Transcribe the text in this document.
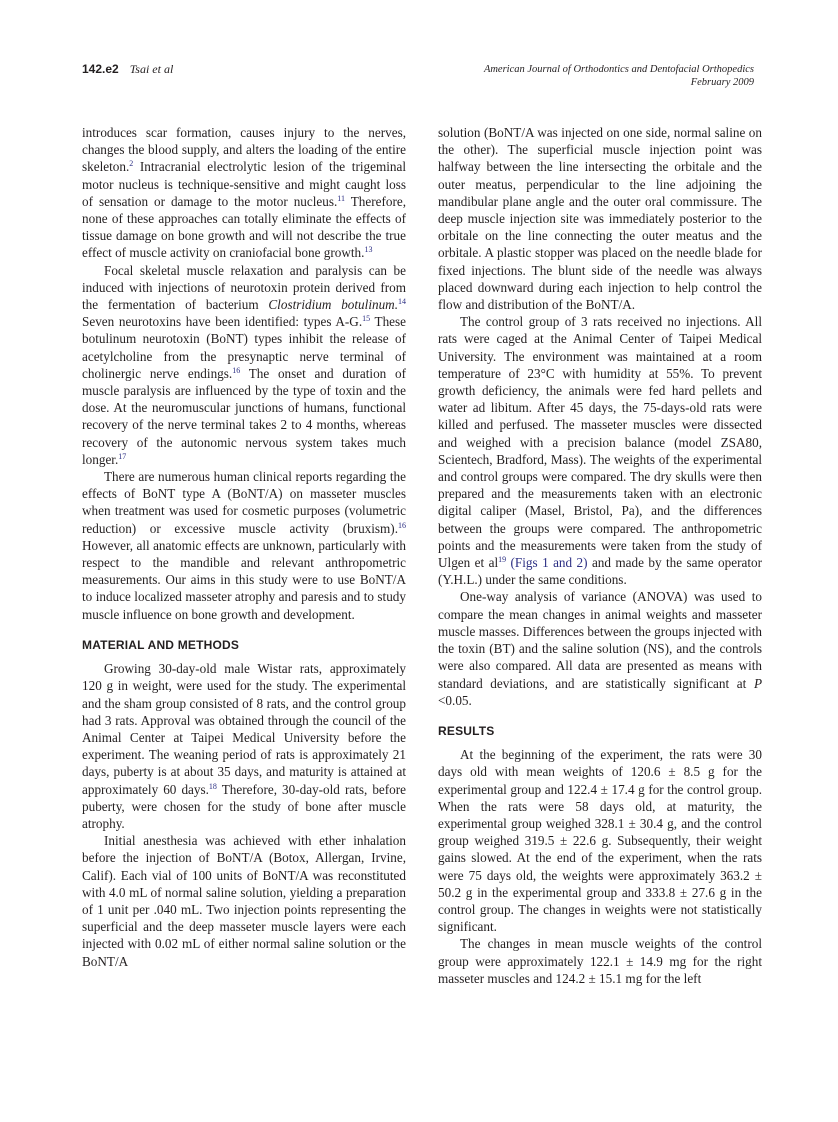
142.e2 Tsai et al	American Journal of Orthodontics and Dentofacial Orthopedics
February 2009

introduces scar formation, causes injury to the nerves, changes the blood supply, and alters the loading of the entire skeleton.$^2$ Intracranial electrolytic lesion of the trigeminal motor nucleus is technique-sensitive and might caught loss of sensation or damage to the motor nucleus.$^{11}$ Therefore, none of these approaches can totally eliminate the effects of tissue damage on bone growth and will not describe the true effect of muscle activity on craniofacial bone growth.$^{13}$

Focal skeletal muscle relaxation and paralysis can be induced with injections of neurotoxin protein derived from the fermentation of bacterium Clostridium botulinum.$^{14}$ Seven neurotoxins have been identified: types A-G.$^{15}$ These botulinum neurotoxin (BoNT) types inhibit the release of acetylcholine from the presynaptic nerve terminal of cholinergic nerve endings.$^{16}$ The onset and duration of muscle paralysis are influenced by the type of toxin and the dose. At the neuromuscular junctions of humans, functional recovery of the nerve terminal takes 2 to 4 months, whereas recovery of the autonomic nervous system takes much longer.$^{17}$

There are numerous human clinical reports regarding the effects of BoNT type A (BoNT/A) on masseter muscles when treatment was used for cosmetic purposes (volumetric reduction) or excessive muscle activity (bruxism).$^{16}$ However, all anatomic effects are unknown, particularly with respect to the mandible and relevant anthropometric measurements. Our aims in this study were to use BoNT/A to induce localized masseter atrophy and paresis and to study muscle influence on bone growth and development.

MATERIAL AND METHODS

Growing 30-day-old male Wistar rats, approximately 120 g in weight, were used for the study. The experimental and the sham group consisted of 8 rats, and the control group had 3 rats. Approval was obtained through the council of the Animal Center at Taipei Medical University before the experiment. The weaning period of rats is approximately 21 days, puberty is at about 35 days, and maturity is attained at approximately 60 days.$^{18}$ Therefore, 30-day-old rats, before puberty, were chosen for the study of bone after muscle atrophy.

Initial anesthesia was achieved with ether inhalation before the injection of BoNT/A (Botox, Allergan, Irvine, Calif). Each vial of 100 units of BoNT/A was reconstituted with 4.0 mL of normal saline solution, yielding a preparation of 1 unit per .040 mL. Two injection points representing the superficial and the deep masseter muscle layers were each injected with 0.02 mL of either normal saline solution or the BoNT/A

solution (BoNT/A was injected on one side, normal saline on the other). The superficial muscle injection point was halfway between the line intersecting the orbitale and the outer meatus, perpendicular to the line adjoining the mandibular plane angle and the outer oral commissure. The deep muscle injection site was immediately posterior to the orbitale on the line connecting the outer meatus and the orbitale. A plastic stopper was placed on the needle blade for fixed injections. The blunt side of the needle was always placed downward during each injection to help control the flow and distribution of the BoNT/A.

The control group of 3 rats received no injections. All rats were caged at the Animal Center of Taipei Medical University. The environment was maintained at a room temperature of 23°C with humidity at 55%. To prevent growth deficiency, the animals were fed hard pellets and water ad libitum. After 45 days, the 75-days-old rats were killed and perfused. The masseter muscles were dissected and weighed with a precision balance (model ZSA80, Scientech, Bradford, Mass). The weights of the experimental and control groups were compared. The dry skulls were then prepared and the measurements taken with an electronic digital caliper (Masel, Bristol, Pa), and the differences between the groups were compared. The anthropometric points and the measurements were taken from the study of Ulgen et $al^{19}$ (Figs 1 and 2) and made by the same operator (Y.H.L.) under the same conditions.

One-way analysis of variance (ANOVA) was used to compare the mean changes in animal weights and masseter muscle masses. Differences between the groups injected with the toxin (BT) and the saline solution (NS), and the controls were also compared. All data are presented as means with standard deviations, and are statistically significant at P <0.05.

RESULTS

At the beginning of the experiment, the rats were 30 days old with mean weights of 120.6 ± 8.5 g for the experimental group and 122.4 ± 17.4 g for the control group. When the rats were 58 days old, at maturity, the experimental group weighed 328.1 ± 30.4 g, and the control group weighed 319.5 ± 22.6 g. Subsequently, their weight gains slowed. At the end of the experiment, when the rats were 75 days old, the weights were approximately 363.2 ± 50.2 g in the experimental group and 333.8 ± 27.6 g in the control group. The changes in weights were not statistically significant.

The changes in mean muscle weights of the control group were approximately 122.1 ± 14.9 mg for the right masseter muscles and 124.2 ± 15.1 mg for the left
